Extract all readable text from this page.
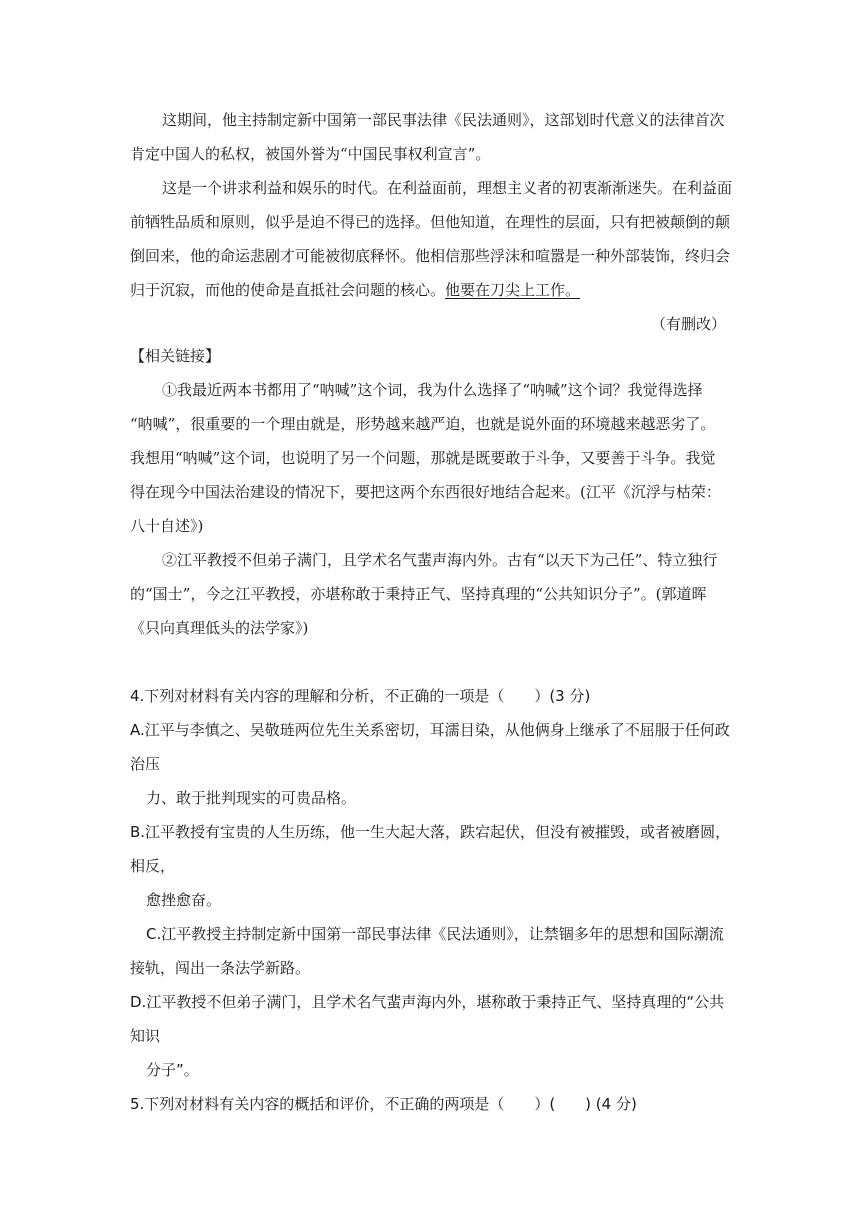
这期间，他主持制定新中国第一部民事法律《民法通则》，这部划时代意义的法律首次
肯定中国人的私权，被国外誉为“中国民事权利宣言”。
这是一个讲求利益和娱乐的时代。在利益面前，理想主义者的初衷渐渐迷失。在利益面
前牺牲品质和原则，似乎是迫不得已的选择。但他知道，在理性的层面，只有把被颠倒的颠
倒回来，他的命运悲剧才可能被彻底释怀。他相信那些浮沫和喧嚣是一种外部装饰，终归会
归于沉寂，而他的使命是直抵社会问题的核心。他要在刀尖上工作。
（有删改）
【相关链接】
①我最近两本书都用了“呐喊”这个词，我为什么选择了“呐喊”这个词？我觉得选择
“呐喊”，很重要的一个理由就是，形势越来越严迫，也就是说外面的环境越来越恶劣了。
我想用“呐喊”这个词，也说明了另一个问题，那就是既要敢于斗争，又要善于斗争。我觉
得在现今中国法治建设的情况下，要把这两个东西很好地结合起来。(江平《沉浮与枯荣：
八十自述》)
②江平教授不但弟子满门，且学术名气蜚声海内外。古有“以天下为己任”、特立独行
的“国士”，今之江平教授，亦堪称敢于秉持正气、坚持真理的“公共知识分子”。(郭道晖
《只向真理低头的法学家》)
4.下列对材料有关内容的理解和分析，不正确的一项是（　　）(3 分)
A.江平与李慎之、吴敬琏两位先生关系密切，耳濡目染，从他俩身上继承了不屈服于任何政
治压
力、敢于批判现实的可贵品格。
B.江平教授有宝贵的人生历练，他一生大起大落，跌宕起伏，但没有被摧毁，或者被磨圆，
相反，
愈挫愈奋。
C.江平教授主持制定新中国第一部民事法律《民法通则》，让禁锢多年的思想和国际潮流
接轨，闯出一条法学新路。
D.江平教授不但弟子满门，且学术名气蜚声海内外，堪称敢于秉持正气、坚持真理的“公共
知识
分子”。
5.下列对材料有关内容的概括和评价，不正确的两项是（　　）(　　) (4 分)
